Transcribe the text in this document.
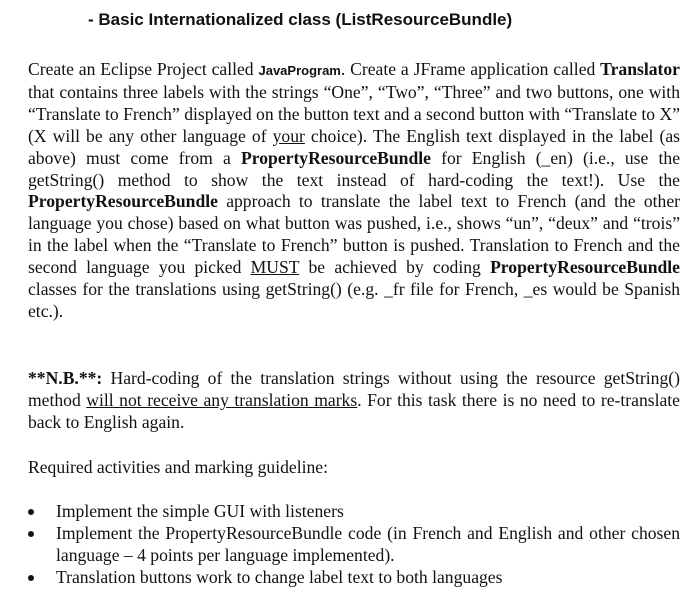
- Basic Internationalized class (ListResourceBundle)

Create an Eclipse Project called JavaProgram. Create a JFrame application called Translator that contains three labels with the strings “One”, “Two”, “Three” and two buttons, one with “Translate to French” displayed on the button text and a second button with “Translate to X” (X will be any other language of your choice). The English text displayed in the label (as above) must come from a PropertyResourceBundle for English (_en) (i.e., use the getString() method to show the text instead of hard-coding the text!). Use the PropertyResourceBundle approach to translate the label text to French (and the other language you chose) based on what button was pushed, i.e., shows “un”, “deux” and “trois” in the label when the “Translate to French” button is pushed. Translation to French and the second language you picked MUST be achieved by coding PropertyResourceBundle classes for the translations using getString() (e.g. _fr file for French, _es would be Spanish etc.).

**N.B.**: Hard-coding of the translation strings without using the resource getString() method will not receive any translation marks. For this task there is no need to re-translate back to English again.

Required activities and marking guideline:

Implement the simple GUI with listeners
Implement the PropertyResourceBundle code (in French and English and other chosen language – 4 points per language implemented).
Translation buttons work to change label text to both languages
